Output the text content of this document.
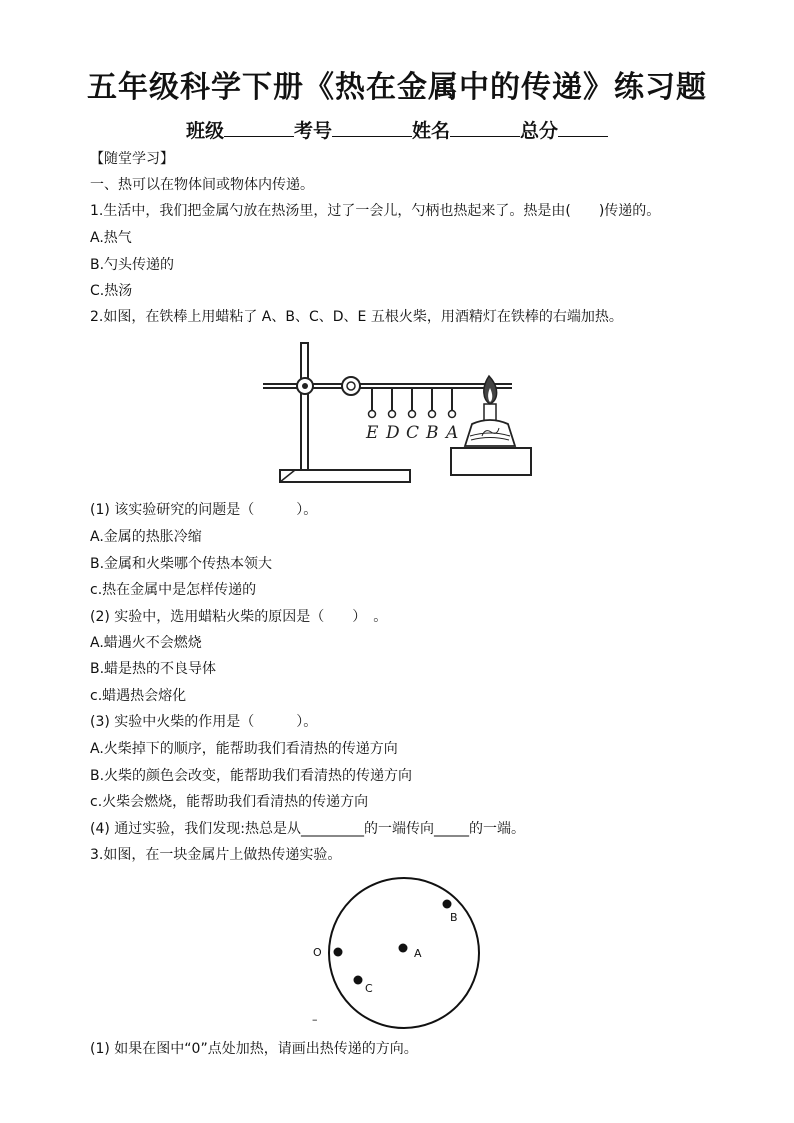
五年级科学下册《热在金属中的传递》练习题
班级	考号	姓名	总分
【随堂学习】
一、热可以在物体间或物体内传递。
1.生活中，我们把金属勺放在热汤里，过了一会儿，勺柄也热起来了。热是由(　　)传递的。
A.热气
B.勺头传递的
C.热汤
2.如图，在铁棒上用蜡粘了 A、B、C、D、E 五根火柴，用酒精灯在铁棒的右端加热。
E D C B A
(1) 该实验研究的问题是（　　　）。
A.金属的热胀冷缩
B.金属和火柴哪个传热本领大
c.热在金属中是怎样传递的
(2) 实验中，选用蜡粘火柴的原因是（　　）　。
A.蜡遇火不会燃烧
B.蜡是热的不良导体
c.蜡遇热会熔化
(3) 实验中火柴的作用是（　　　）。
A.火柴掉下的顺序，能帮助我们看清热的传递方向
B.火柴的颜色会改变，能帮助我们看清热的传递方向
c.火柴会燃烧，能帮助我们看清热的传递方向
(4) 通过实验，我们发现:热总是从_________的一端传向_____的一端。
3.如图，在一块金属片上做热传递实验。
O	A
B
C
–
(1) 如果在图中“0”点处加热，请画出热传递的方向。
